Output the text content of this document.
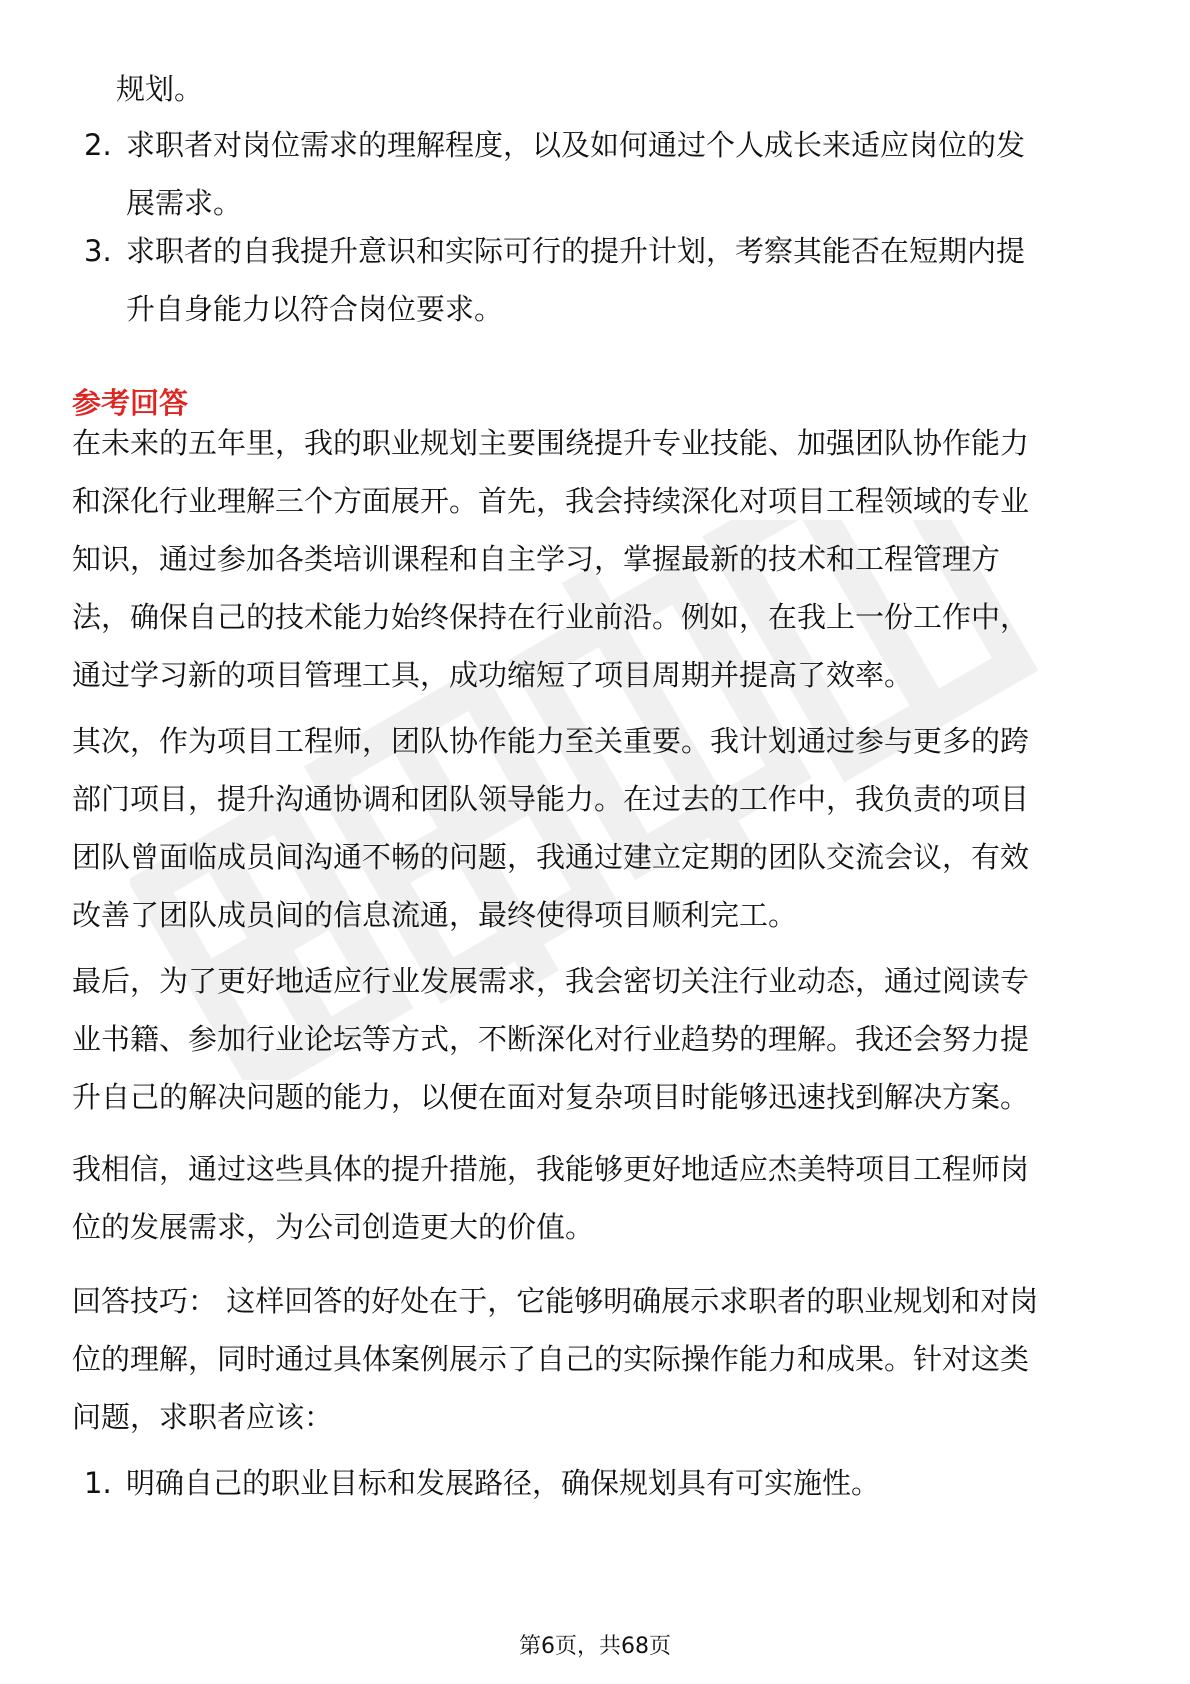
规划。

2. 求职者对岗位需求的理解程度，以及如何通过个人成长来适应岗位的发展需求。
3. 求职者的自我提升意识和实际可行的提升计划，考察其能否在短期内提升自身能力以符合岗位要求。
参考回答

在未来的五年里，我的职业规划主要围绕提升专业技能、加强团队协作能力和深化行业理解三个方面展开。首先，我会持续深化对项目工程领域的专业知识，通过参加各类培训课程和自主学习，掌握最新的技术和工程管理方法，确保自己的技术能力始终保持在行业前沿。例如，在我上一份工作中，通过学习新的项目管理工具，成功缩短了项目周期并提高了效率。

其次，作为项目工程师，团队协作能力至关重要。我计划通过参与更多的跨部门项目，提升沟通协调和团队领导能力。在过去的工作中，我负责的项目团队曾面临成员间沟通不畅的问题，我通过建立定期的团队交流会议，有效改善了团队成员间的信息流通，最终使得项目顺利完工。

最后，为了更好地适应行业发展需求，我会密切关注行业动态，通过阅读专业书籍、参加行业论坛等方式，不断深化对行业趋势的理解。我还会努力提升自己的解决问题的能力，以便在面对复杂项目时能够迅速找到解决方案。

我相信，通过这些具体的提升措施，我能够更好地适应杰美特项目工程师岗位的发展需求，为公司创造更大的价值。

回答技巧： 这样回答的好处在于，它能够明确展示求职者的职业规划和对岗位的理解，同时通过具体案例展示了自己的实际操作能力和成果。针对这类问题，求职者应该：

1. 明确自己的职业目标和发展路径，确保规划具有可实施性。
第6页，共68页
